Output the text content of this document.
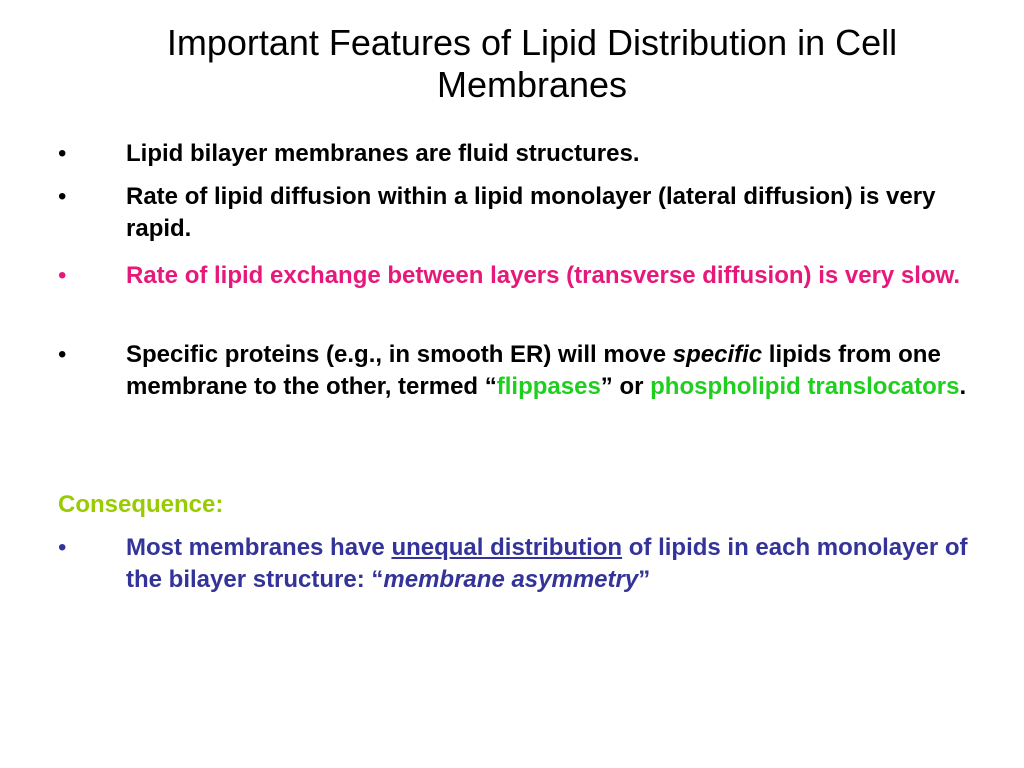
Important Features of Lipid Distribution in Cell
Membranes
•	Lipid bilayer membranes are fluid structures.
•	Rate of lipid diffusion within a lipid monolayer (lateral diffusion) is very rapid.
•	Rate of lipid exchange between layers (transverse diffusion) is very slow.
•	Specific proteins (e.g., in smooth ER) will move specific lipids from one membrane to the other, termed “flippases” or phospholipid translocators.
•	Most membranes have unequal distribution of lipids in each monolayer of the bilayer structure: “membrane asymmetry”
Consequence:
